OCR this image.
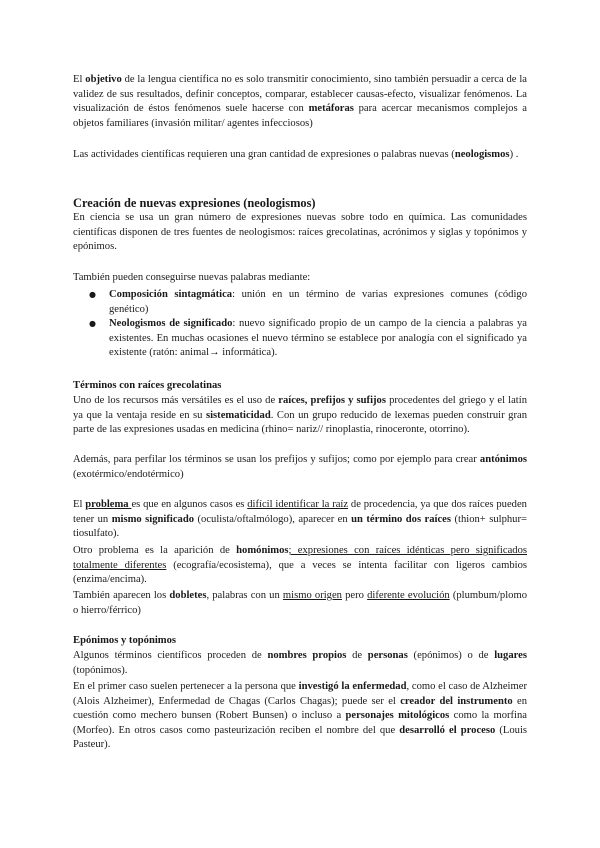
El objetivo de la lengua científica no es solo transmitir conocimiento, sino también persuadir a cerca de la validez de sus resultados, definir conceptos, comparar, establecer causas-efecto, visualizar fenómenos. La visualización de éstos fenómenos suele hacerse con metáforas para acercar mecanismos complejos a objetos familiares (invasión militar/ agentes infecciosos)

Las actividades científicas requieren una gran cantidad de expresiones o palabras nuevas (neologismos) .

Creación de nuevas expresiones (neologismos)

En ciencia se usa un gran número de expresiones nuevas sobre todo en química. Las comunidades científicas disponen de tres fuentes de neologismos: raíces grecolatinas, acrónimos y siglas y topónimos y epónimos.

También pueden conseguirse nuevas palabras mediante:

● Composición sintagmática: unión en un término de varias expresiones comunes (código genético)
● Neologismos de significado: nuevo significado propio de un campo de la ciencia a palabras ya existentes. En muchas ocasiones el nuevo término se establece por analogía con el significado ya existente (ratón: animal→ informática).
Términos con raíces grecolatinas

Uno de los recursos más versátiles es el uso de raíces, prefijos y sufijos procedentes del griego y el latín ya que la ventaja reside en su sistematicidad. Con un grupo reducido de lexemas pueden construir gran parte de las expresiones usadas en medicina (rhino= nariz// rinoplastia, rinoceronte, otorrino).

Además, para perfilar los términos se usan los prefijos y sufijos; como por ejemplo para crear antónimos (exotérmico/endotérmico)

El problema es que en algunos casos es difícil identificar la raíz de procedencia, ya que dos raíces pueden tener un mismo significado (oculista/oftalmólogo), aparecer en un término dos raíces (thion+ sulphur= tiosulfato).

Otro problema es la aparición de homónimos; expresiones con raíces idénticas pero significados totalmente diferentes (ecografía/ecosistema), que a veces se intenta facilitar con ligeros cambios (enzima/encima).

También aparecen los dobletes, palabras con un mismo origen pero diferente evolución (plumbum/plomo o hierro/férrico)

Epónimos y topónimos

Algunos términos científicos proceden de nombres propios de personas (epónimos) o de lugares (topónimos).

En el primer caso suelen pertenecer a la persona que investigó la enfermedad, como el caso de Alzheimer (Alois Alzheimer), Enfermedad de Chagas (Carlos Chagas); puede ser el creador del instrumento en cuestión como mechero bunsen (Robert Bunsen) o incluso a personajes mitológicos como la morfina (Morfeo). En otros casos como pasteurización reciben el nombre del que desarrolló el proceso (Louis Pasteur).
